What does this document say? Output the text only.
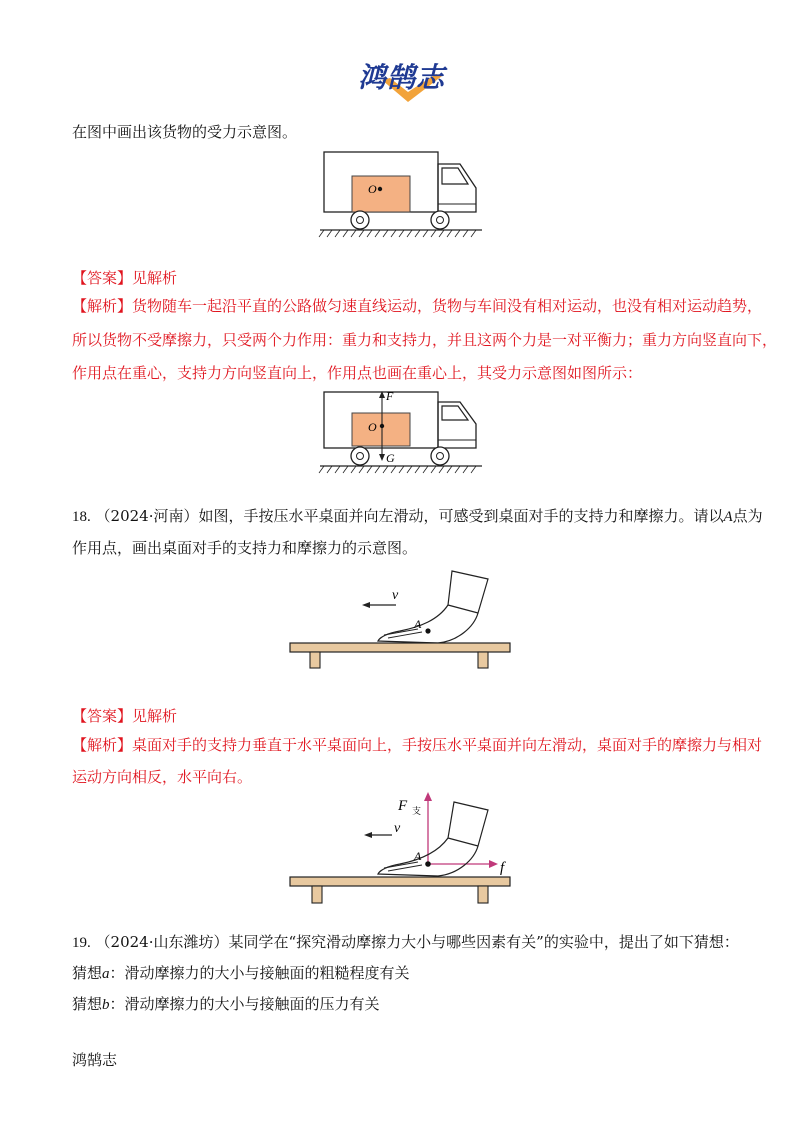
鸿鹄志
在图中画出该货物的受力示意图。
O
【答案】见解析
【解析】货物随车一起沿平直的公路做匀速直线运动，货物与车间没有相对运动，也没有相对运动趋势，
所以货物不受摩擦力，只受两个力作用：重力和支持力，并且这两个力是一对平衡力；重力方向竖直向下，
作用点在重心，支持力方向竖直向上，作用点也画在重心上，其受力示意图如图所示：
F
G
O
18. （2024·河南）如图，手按压水平桌面并向左滑动，可感受到桌面对手的支持力和摩擦力。请以A点为
作用点，画出桌面对手的支持力和摩擦力的示意图。
v
A
【答案】见解析
【解析】桌面对手的支持力垂直于水平桌面向上，手按压水平桌面并向左滑动，桌面对手的摩擦力与相对
运动方向相反，水平向右。
F 支
f
v
A
19. （2024·山东潍坊）某同学在“探究滑动摩擦力大小与哪些因素有关”的实验中，提出了如下猜想：
猜想a：滑动摩擦力的大小与接触面的粗糙程度有关
猜想b：滑动摩擦力的大小与接触面的压力有关
鸿鹄志
